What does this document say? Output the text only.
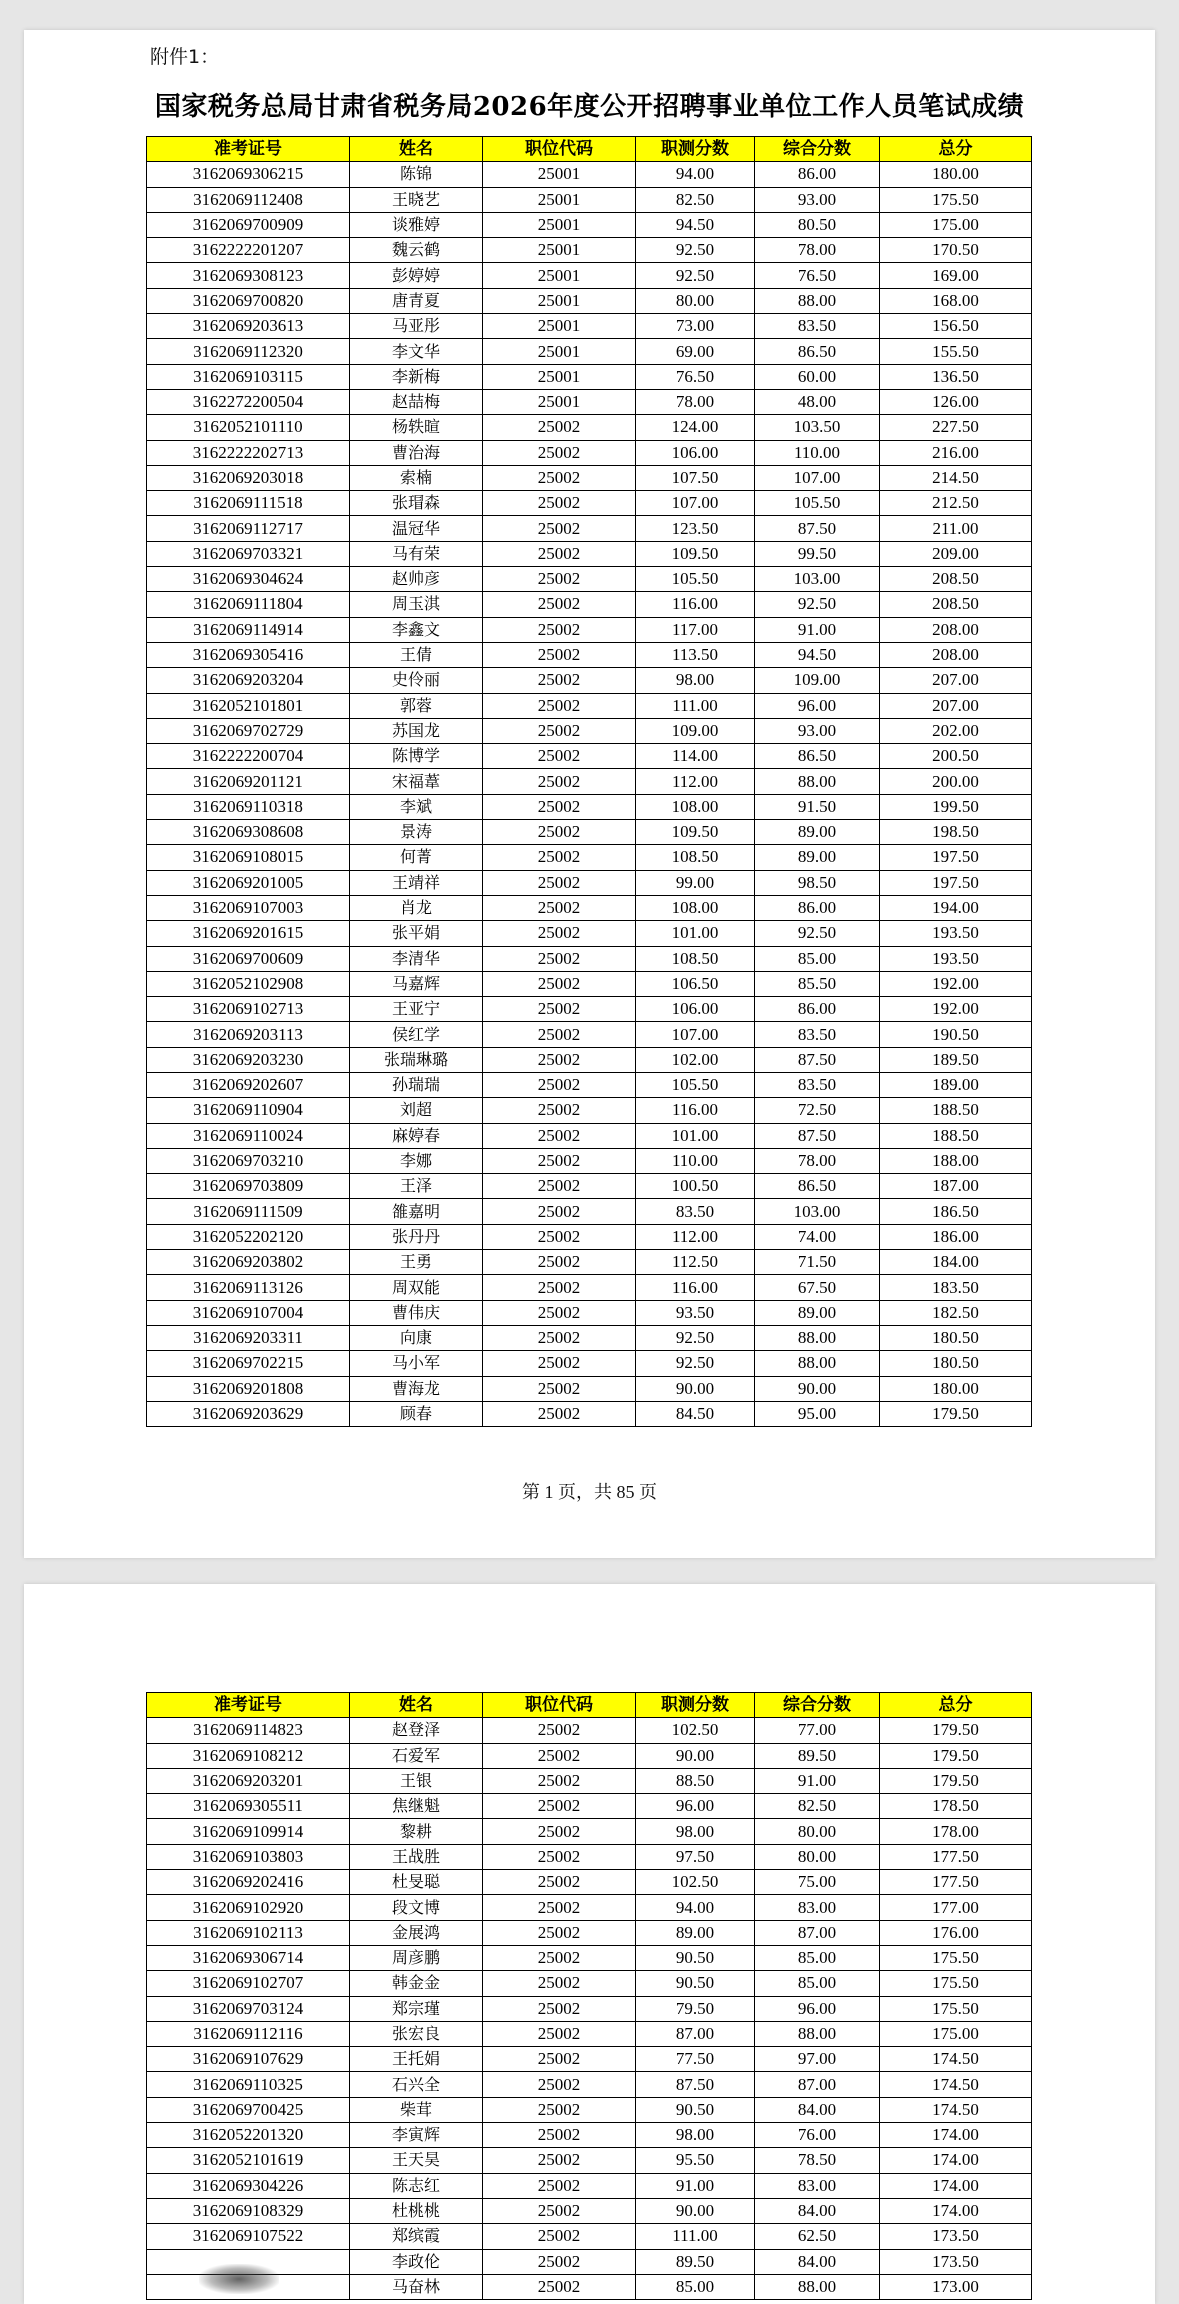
附件1：
国家税务总局甘肃省税务局2026年度公开招聘事业单位工作人员笔试成绩
准考证号	姓名	职位代码	职测分数	综合分数	总分
3162069306215	陈锦	25001	94.00	86.00	180.00
3162069112408	王晓艺	25001	82.50	93.00	175.50
3162069700909	谈雅婷	25001	94.50	80.50	175.00
3162222201207	魏云鹤	25001	92.50	78.00	170.50
3162069308123	彭婷婷	25001	92.50	76.50	169.00
3162069700820	唐青夏	25001	80.00	88.00	168.00
3162069203613	马亚彤	25001	73.00	83.50	156.50
3162069112320	李文华	25001	69.00	86.50	155.50
3162069103115	李新梅	25001	76.50	60.00	136.50
3162272200504	赵喆梅	25001	78.00	48.00	126.00
3162052101110	杨轶暄	25002	124.00	103.50	227.50
3162222202713	曹治海	25002	106.00	110.00	216.00
3162069203018	索楠	25002	107.50	107.00	214.50
3162069111518	张瑁森	25002	107.00	105.50	212.50
3162069112717	温冠华	25002	123.50	87.50	211.00
3162069703321	马有荣	25002	109.50	99.50	209.00
3162069304624	赵帅彦	25002	105.50	103.00	208.50
3162069111804	周玉淇	25002	116.00	92.50	208.50
3162069114914	李鑫文	25002	117.00	91.00	208.00
3162069305416	王倩	25002	113.50	94.50	208.00
3162069203204	史伶丽	25002	98.00	109.00	207.00
3162052101801	郭蓉	25002	111.00	96.00	207.00
3162069702729	苏国龙	25002	109.00	93.00	202.00
3162222200704	陈博学	25002	114.00	86.50	200.50
3162069201121	宋福葦	25002	112.00	88.00	200.00
3162069110318	李斌	25002	108.00	91.50	199.50
3162069308608	景涛	25002	109.50	89.00	198.50
3162069108015	何菁	25002	108.50	89.00	197.50
3162069201005	王靖祥	25002	99.00	98.50	197.50
3162069107003	肖龙	25002	108.00	86.00	194.00
3162069201615	张平娟	25002	101.00	92.50	193.50
3162069700609	李清华	25002	108.50	85.00	193.50
3162052102908	马嘉辉	25002	106.50	85.50	192.00
3162069102713	王亚宁	25002	106.00	86.00	192.00
3162069203113	侯红学	25002	107.00	83.50	190.50
3162069203230	张瑞琳璐	25002	102.00	87.50	189.50
3162069202607	孙瑞瑞	25002	105.50	83.50	189.00
3162069110904	刘超	25002	116.00	72.50	188.50
3162069110024	麻婷春	25002	101.00	87.50	188.50
3162069703210	李娜	25002	110.00	78.00	188.00
3162069703809	王泽	25002	100.50	86.50	187.00
3162069111509	雒嘉明	25002	83.50	103.00	186.50
3162052202120	张丹丹	25002	112.00	74.00	186.00
3162069203802	王勇	25002	112.50	71.50	184.00
3162069113126	周双能	25002	116.00	67.50	183.50
3162069107004	曹伟庆	25002	93.50	89.00	182.50
3162069203311	向康	25002	92.50	88.00	180.50
3162069702215	马小军	25002	92.50	88.00	180.50
3162069201808	曹海龙	25002	90.00	90.00	180.00
3162069203629	顾春	25002	84.50	95.00	179.50
第 1 页，共 85 页
准考证号	姓名	职位代码	职测分数	综合分数	总分
3162069114823	赵登泽	25002	102.50	77.00	179.50
3162069108212	石爱军	25002	90.00	89.50	179.50
3162069203201	王银	25002	88.50	91.00	179.50
3162069305511	焦继魁	25002	96.00	82.50	178.50
3162069109914	黎耕	25002	98.00	80.00	178.00
3162069103803	王战胜	25002	97.50	80.00	177.50
3162069202416	杜旻聪	25002	102.50	75.00	177.50
3162069102920	段文博	25002	94.00	83.00	177.00
3162069102113	金展鸿	25002	89.00	87.00	176.00
3162069306714	周彦鹏	25002	90.50	85.00	175.50
3162069102707	韩金金	25002	90.50	85.00	175.50
3162069703124	郑宗瑾	25002	79.50	96.00	175.50
3162069112116	张宏良	25002	87.00	88.00	175.00
3162069107629	王托娟	25002	77.50	97.00	174.50
3162069110325	石兴全	25002	87.50	87.00	174.50
3162069700425	柴茸	25002	90.50	84.00	174.50
3162052201320	李寅辉	25002	98.00	76.00	174.00
3162052101619	王天昊	25002	95.50	78.50	174.00
3162069304226	陈志红	25002	91.00	83.00	174.00
3162069108329	杜桃桃	25002	90.00	84.00	174.00
3162069107522	郑缤霞	25002	111.00	62.50	173.50
	李政伦	25002	89.50	84.00	173.50
	马奋林	25002	85.00	88.00	173.00
